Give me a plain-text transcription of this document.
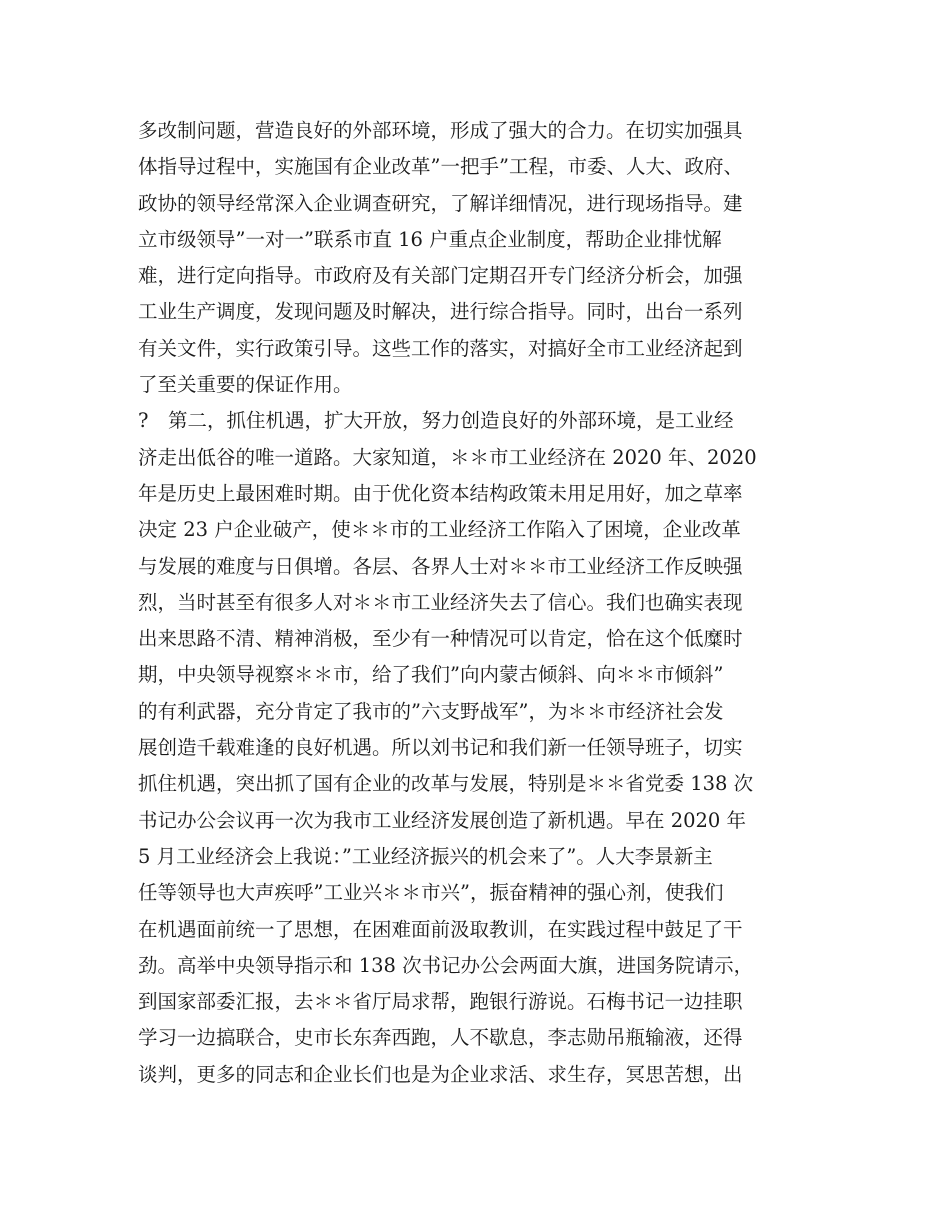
多改制问题，营造良好的外部环境，形成了强大的合力。在切实加强具
体指导过程中，实施国有企业改革”一把手”工程，市委、人大、政府、
政协的领导经常深入企业调查研究，了解详细情况，进行现场指导。建
立市级领导”一对一”联系市直 16 户重点企业制度，帮助企业排忧解
难，进行定向指导。市政府及有关部门定期召开专门经济分析会，加强
工业生产调度，发现问题及时解决，进行综合指导。同时，出台一系列
有关文件，实行政策引导。这些工作的落实，对搞好全市工业经济起到
了至关重要的保证作用。
?　第二，抓住机遇，扩大开放，努力创造良好的外部环境，是工业经
济走出低谷的唯一道路。大家知道，＊＊市工业经济在 2020 年、2020
年是历史上最困难时期。由于优化资本结构政策未用足用好，加之草率
决定 23 户企业破产，使＊＊市的工业经济工作陷入了困境，企业改革
与发展的难度与日俱增。各层、各界人士对＊＊市工业经济工作反映强
烈，当时甚至有很多人对＊＊市工业经济失去了信心。我们也确实表现
出来思路不清、精神消极，至少有一种情况可以肯定，恰在这个低糜时
期，中央领导视察＊＊市，给了我们”向内蒙古倾斜、向＊＊市倾斜”
的有利武器，充分肯定了我市的”六支野战军”，为＊＊市经济社会发
展创造千载难逢的良好机遇。所以刘书记和我们新一任领导班子，切实
抓住机遇，突出抓了国有企业的改革与发展，特别是＊＊省党委 138 次
书记办公会议再一次为我市工业经济发展创造了新机遇。早在 2020 年
5 月工业经济会上我说：”工业经济振兴的机会来了”。人大李景新主
任等领导也大声疾呼”工业兴＊＊市兴”，振奋精神的强心剂，使我们
在机遇面前统一了思想，在困难面前汲取教训，在实践过程中鼓足了干
劲。高举中央领导指示和 138 次书记办公会两面大旗，进国务院请示，
到国家部委汇报，去＊＊省厅局求帮，跑银行游说。石梅书记一边挂职
学习一边搞联合，史市长东奔西跑，人不歇息，李志勋吊瓶输液，还得
谈判，更多的同志和企业长们也是为企业求活、求生存，冥思苦想，出
